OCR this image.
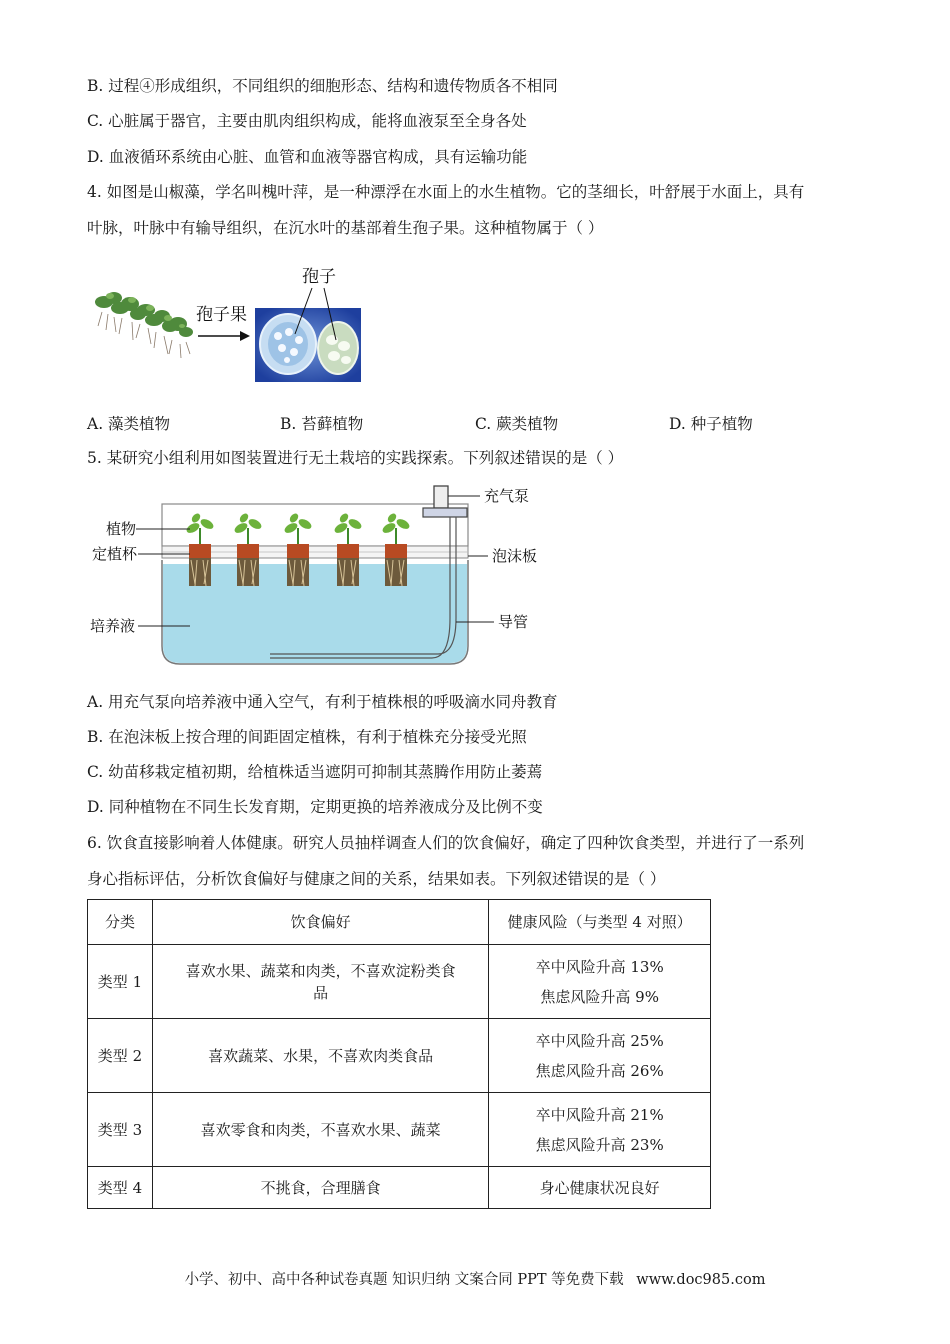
B. 过程④形成组织，不同组织的细胞形态、结构和遗传物质各不相同
C. 心脏属于器官，主要由肌肉组织构成，能将血液泵至全身各处
D. 血液循环系统由心脏、血管和血液等器官构成，具有运输功能
4. 如图是山椒藻，学名叫槐叶萍，是一种漂浮在水面上的水生植物。它的茎细长，叶舒展于水面上，具有
叶脉，叶脉中有输导组织，在沉水叶的基部着生孢子果。这种植物属于（ ）
孢子果
孢子
A. 藻类植物	B. 苔藓植物	C. 蕨类植物	D. 种子植物
5. 某研究小组利用如图装置进行无土栽培的实践探索。下列叙述错误的是（ ）
植物
定植杯
培养液
充气泵
泡沫板
导管
A. 用充气泵向培养液中通入空气，有利于植株根的呼吸滴水同舟教育
B. 在泡沫板上按合理的间距固定植株，有利于植株充分接受光照
C. 幼苗移栽定植初期，给植株适当遮阴可抑制其蒸腾作用防止萎蔫
D. 同种植物在不同生长发育期，定期更换的培养液成分及比例不变
6. 饮食直接影响着人体健康。研究人员抽样调查人们的饮食偏好，确定了四种饮食类型，并进行了一系列
身心指标评估，分析饮食偏好与健康之间的关系，结果如表。下列叙述错误的是（ ）
分类	饮食偏好	健康风险（与类型 4 对照）
类型 1	喜欢水果、蔬菜和肉类，不喜欢淀粉类食品	卒中风险升高 13%
焦虑风险升高 9%

类型 2	喜欢蔬菜、水果，不喜欢肉类食品	卒中风险升高 25%
焦虑风险升高 26%

类型 3	喜欢零食和肉类，不喜欢水果、蔬菜	卒中风险升高 21%
焦虑风险升高 23%

类型 4	不挑食，合理膳食	身心健康状况良好
小学、初中、高中各种试卷真题 知识归纳 文案合同 PPT 等免费下载 www.doc985.com
